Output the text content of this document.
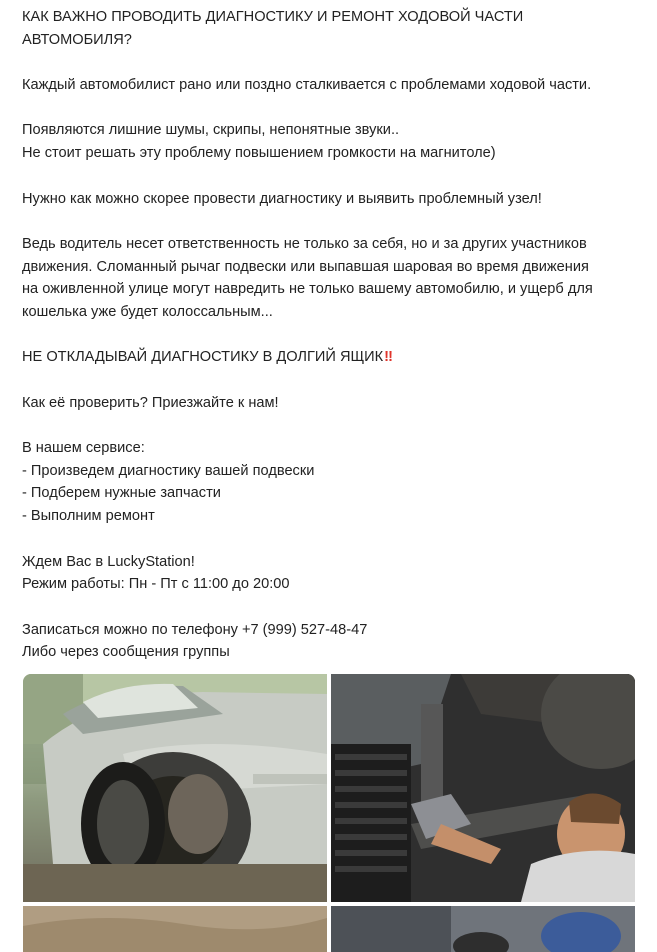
КАК ВАЖНО ПРОВОДИТЬ ДИАГНОСТИКУ И РЕМОНТ ХОДОВОЙ ЧАСТИ
АВТОМОБИЛЯ?
Каждый автомобилист рано или поздно сталкивается с проблемами ходовой части.
Появляются лишние шумы, скрипы, непонятные звуки..
Не стоит решать эту проблему повышением громкости на магнитоле)
Нужно как можно скорее провести диагностику и выявить проблемный узел!
Ведь водитель несет ответственность не только за себя, но и за других участников
движения. Сломанный рычаг подвески или выпавшая шаровая во время движения
на оживленной улице могут навредить не только вашему автомобилю, и ущерб для
кошелька уже будет колоссальным...
НЕ ОТКЛАДЫВАЙ ДИАГНОСТИКУ В ДОЛГИЙ ЯЩИК‼
Как её проверить? Приезжайте к нам!
В нашем сервисе:
- Произведем диагностику вашей подвески
- Подберем нужные запчасти
- Выполним ремонт
Ждем Вас в LuckyStation!
Режим работы: Пн - Пт с 11:00 до 20:00
Записаться можно по телефону +7 (999) 527-48-47
Либо через сообщения группы
